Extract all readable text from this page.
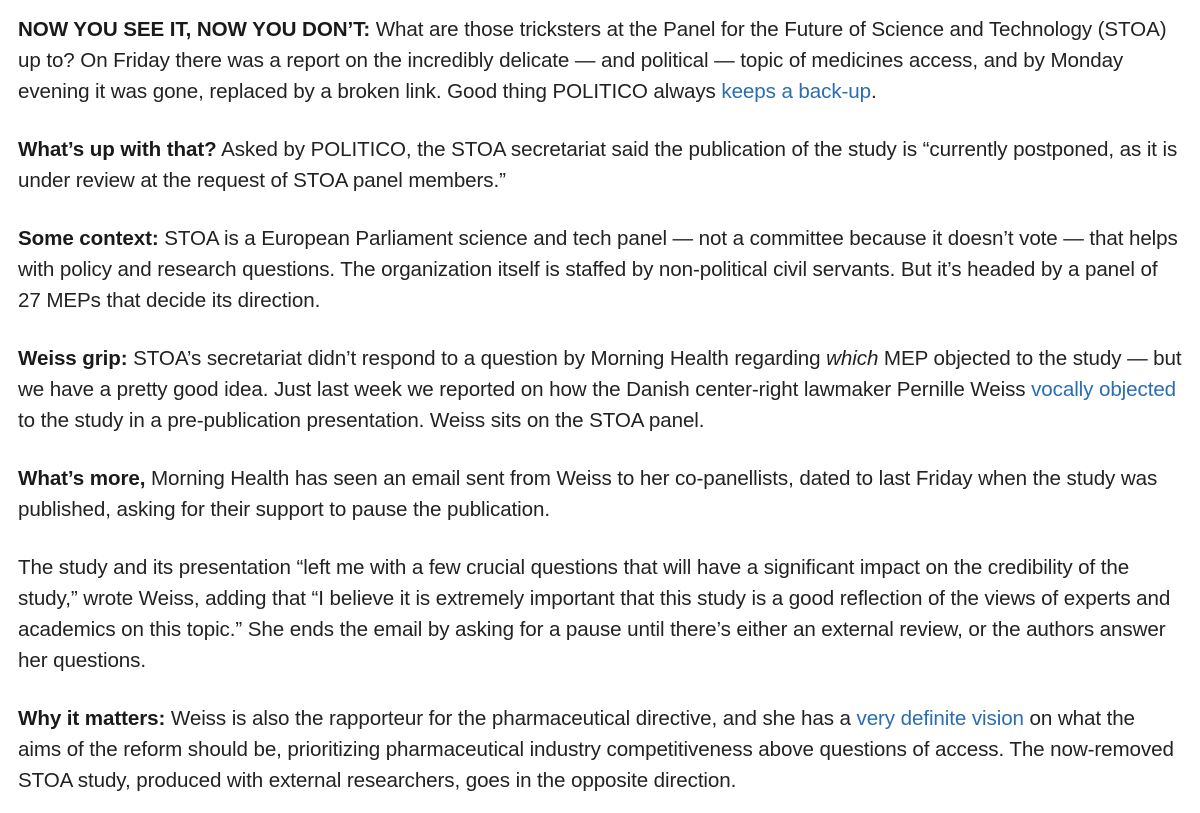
NOW YOU SEE IT, NOW YOU DON’T: What are those tricksters at the Panel for the Future of Science and Technology (STOA) up to? On Friday there was a report on the incredibly delicate — and political — topic of medicines access, and by Monday evening it was gone, replaced by a broken link. Good thing POLITICO always keeps a back-up.

What’s up with that? Asked by POLITICO, the STOA secretariat said the publication of the study is “currently postponed, as it is under review at the request of STOA panel members.”

Some context: STOA is a European Parliament science and tech panel — not a committee because it doesn’t vote — that helps with policy and research questions. The organization itself is staffed by non-political civil servants. But it’s headed by a panel of 27 MEPs that decide its direction.

Weiss grip: STOA’s secretariat didn’t respond to a question by Morning Health regarding which MEP objected to the study — but we have a pretty good idea. Just last week we reported on how the Danish center-right lawmaker Pernille Weiss vocally objected to the study in a pre-publication presentation. Weiss sits on the STOA panel.

What’s more, Morning Health has seen an email sent from Weiss to her co-panellists, dated to last Friday when the study was published, asking for their support to pause the publication.

The study and its presentation “left me with a few crucial questions that will have a significant impact on the credibility of the study,” wrote Weiss, adding that “I believe it is extremely important that this study is a good reflection of the views of experts and academics on this topic.” She ends the email by asking for a pause until there’s either an external review, or the authors answer her questions.

Why it matters: Weiss is also the rapporteur for the pharmaceutical directive, and she has a very definite vision on what the aims of the reform should be, prioritizing pharmaceutical industry competitiveness above questions of access. The now-removed STOA study, produced with external researchers, goes in the opposite direction.
